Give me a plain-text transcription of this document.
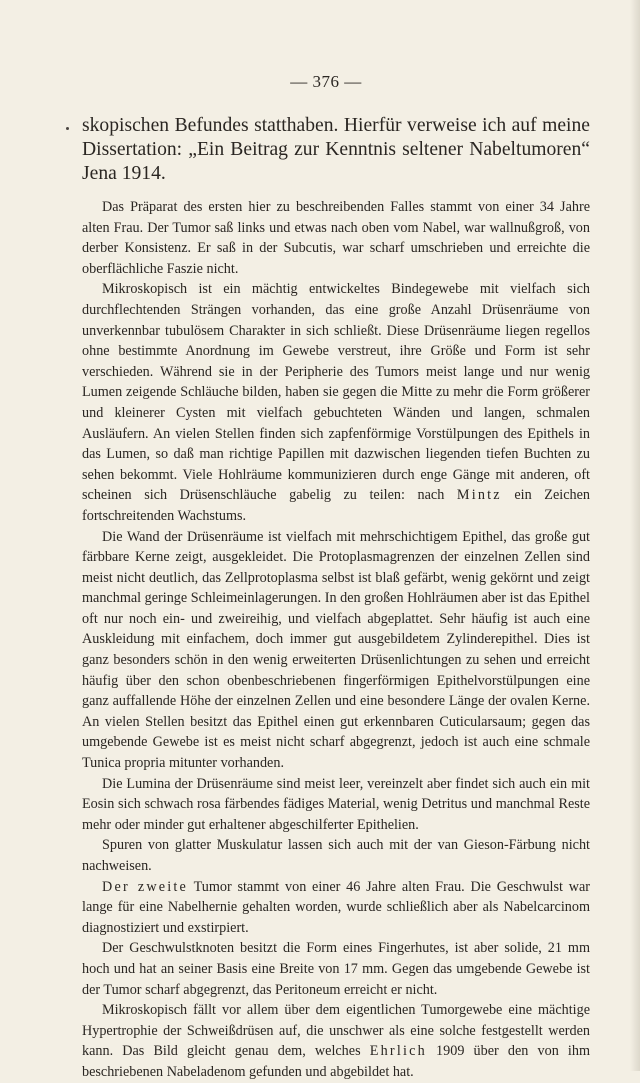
— 376 —

skopischen Befundes statthaben. Hierfür verweise ich auf meine Dissertation: „Ein Beitrag zur Kenntnis seltener Nabeltumoren“ Jena 1914.

Das Präparat des ersten hier zu beschreibenden Falles stammt von einer 34 Jahre alten Frau. Der Tumor saß links und etwas nach oben vom Nabel, war wallnußgroß, von derber Konsistenz. Er saß in der Subcutis, war scharf umschrieben und erreichte die oberflächliche Faszie nicht.

Mikroskopisch ist ein mächtig entwickeltes Bindegewebe mit vielfach sich durchflechtenden Strängen vorhanden, das eine große Anzahl Drüsenräume von unverkennbar tubulösem Charakter in sich schließt. Diese Drüsenräume liegen regellos ohne bestimmte Anordnung im Gewebe verstreut, ihre Größe und Form ist sehr verschieden. Während sie in der Peripherie des Tumors meist lange und nur wenig Lumen zeigende Schläuche bilden, haben sie gegen die Mitte zu mehr die Form größerer und kleinerer Cysten mit vielfach gebuchteten Wänden und langen, schmalen Ausläufern. An vielen Stellen finden sich zapfenförmige Vorstülpungen des Epithels in das Lumen, so daß man richtige Papillen mit dazwischen liegenden tiefen Buchten zu sehen bekommt. Viele Hohlräume kommunizieren durch enge Gänge mit anderen, oft scheinen sich Drüsenschläuche gabelig zu teilen: nach Mintz ein Zeichen fortschreitenden Wachstums.

Die Wand der Drüsenräume ist vielfach mit mehrschichtigem Epithel, das große gut färbbare Kerne zeigt, ausgekleidet. Die Protoplasmagrenzen der einzelnen Zellen sind meist nicht deutlich, das Zellprotoplasma selbst ist blaß gefärbt, wenig gekörnt und zeigt manchmal geringe Schleimeinlagerungen. In den großen Hohlräumen aber ist das Epithel oft nur noch ein- und zweireihig, und vielfach abgeplattet. Sehr häufig ist auch eine Auskleidung mit einfachem, doch immer gut ausgebildetem Zylinderepithel. Dies ist ganz besonders schön in den wenig erweiterten Drüsenlichtungen zu sehen und erreicht häufig über den schon obenbeschriebenen fingerförmigen Epithelvorstülpungen eine ganz auffallende Höhe der einzelnen Zellen und eine besondere Länge der ovalen Kerne. An vielen Stellen besitzt das Epithel einen gut erkennbaren Cuticularsaum; gegen das umgebende Gewebe ist es meist nicht scharf abgegrenzt, jedoch ist auch eine schmale Tunica propria mitunter vorhanden.

Die Lumina der Drüsenräume sind meist leer, vereinzelt aber findet sich auch ein mit Eosin sich schwach rosa färbendes fädiges Material, wenig Detritus und manchmal Reste mehr oder minder gut erhaltener abgeschilferter Epithelien.

Spuren von glatter Muskulatur lassen sich auch mit der van Gieson-Färbung nicht nachweisen.

Der zweite Tumor stammt von einer 46 Jahre alten Frau. Die Geschwulst war lange für eine Nabelhernie gehalten worden, wurde schließlich aber als Nabelcarcinom diagnostiziert und exstirpiert.

Der Geschwulstknoten besitzt die Form eines Fingerhutes, ist aber solide, 21 mm hoch und hat an seiner Basis eine Breite von 17 mm. Gegen das umgebende Gewebe ist der Tumor scharf abgegrenzt, das Peritoneum erreicht er nicht.

Mikroskopisch fällt vor allem über dem eigentlichen Tumorgewebe eine mächtige Hypertrophie der Schweißdrüsen auf, die unschwer als eine solche festgestellt werden kann. Das Bild gleicht genau dem, welches Ehrlich 1909 über den von ihm beschriebenen Nabeladenom gefunden und abgebildet hat.
